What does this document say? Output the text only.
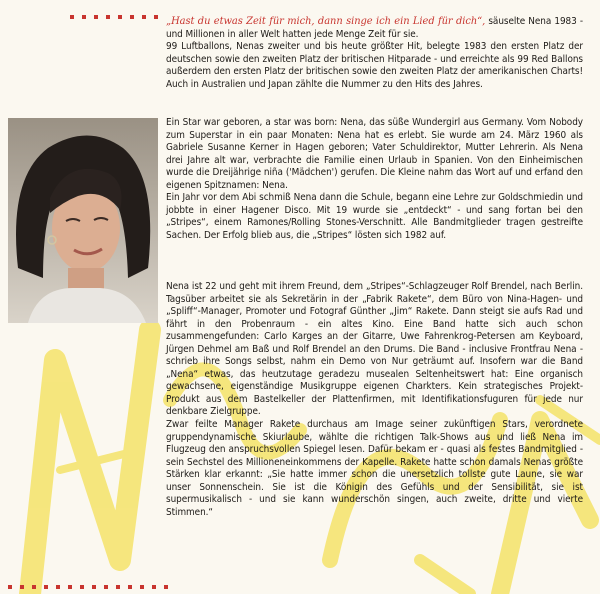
„Hast du etwas Zeit für mich, dann singe ich ein Lied für dich“, säuselte Nena 1983 - und Millionen in aller Welt hatten jede Menge Zeit für sie.

99 Luftballons, Nenas zweiter und bis heute größter Hit, belegte 1983 den ersten Platz der deutschen sowie den zweiten Platz der britischen Hitparade - und erreichte als 99 Red Ballons außerdem den ersten Platz der britischen sowie den zweiten Platz der amerikanischen Charts! Auch in Australien und Japan zählte die Nummer zu den Hits des Jahres.

Ein Star war geboren, a star was born: Nena, das süße Wundergirl aus Germany. Vom Nobody zum Superstar in ein paar Monaten: Nena hat es erlebt. Sie wurde am 24. März 1960 als Gabriele Susanne Kerner in Hagen geboren; Vater Schuldirektor, Mutter Lehrerin. Als Nena drei Jahre alt war, verbrachte die Familie einen Urlaub in Spanien. Von den Einheimischen wurde die Dreijährige niña ('Mädchen') gerufen. Die Kleine nahm das Wort auf und erfand den eigenen Spitznamen: Nena.

Ein Jahr vor dem Abi schmiß Nena dann die Schule, begann eine Lehre zur Goldschmiedin und jobbte in einer Hagener Disco. Mit 19 wurde sie „entdeckt“ - und sang fortan bei den „Stripes“, einem Ramones/Rolling Stones-Verschnitt. Alle Bandmitglieder tragen gestreifte Sachen. Der Erfolg blieb aus, die „Stripes“ lösten sich 1982 auf.

Nena ist 22 und geht mit ihrem Freund, dem „Stripes“-Schlagzeuger Rolf Brendel, nach Berlin. Tagsüber arbeitet sie als Sekretärin in der „Fabrik Rakete“, dem Büro von Nina-Hagen- und „Spliff“-Manager, Promoter und Fotograf Günther „Jim“ Rakete. Dann steigt sie aufs Rad und fährt in den Probenraum - ein altes Kino. Eine Band hatte sich auch schon zusammengefunden: Carlo Karges an der Gitarre, Uwe Fahrenkrog-Petersen am Keyboard, Jürgen Dehmel am Baß und Rolf Brendel an den Drums. Die Band - inclusive Frontfrau Nena - schrieb ihre Songs selbst, nahm ein Demo von Nur geträumt auf. Insofern war die Band „Nena“ etwas, das heutzutage geradezu musealen Seltenheitswert hat: Eine organisch gewachsene, eigenständige Musikgruppe eigenen Charkters. Kein strategisches Projekt-Produkt aus dem Bastelkeller der Plattenfirmen, mit Identifikationsfuguren für jede nur denkbare Zielgruppe.

Zwar feilte Manager Rakete durchaus am Image seiner zukünftigen Stars, verordnete gruppendynamische Skiurlaube, wählte die richtigen Talk-Shows aus und ließ Nena im Flugzeug den anspruchsvollen Spiegel lesen. Dafür bekam er - quasi als festes Bandmitglied - sein Sechstel des Millioneneinkommens der Kapelle. Rakete hatte schon damals Nenas größte Stärken klar erkannt: „Sie hatte immer schon die unersetzlich tollste gute Laune, sie war unser Sonnenschein. Sie ist die Königin des Gefühls und der Sensibilität, sie ist supermusikalisch - und sie kann wunderschön singen, auch zweite, dritte und vierte Stimmen.“
